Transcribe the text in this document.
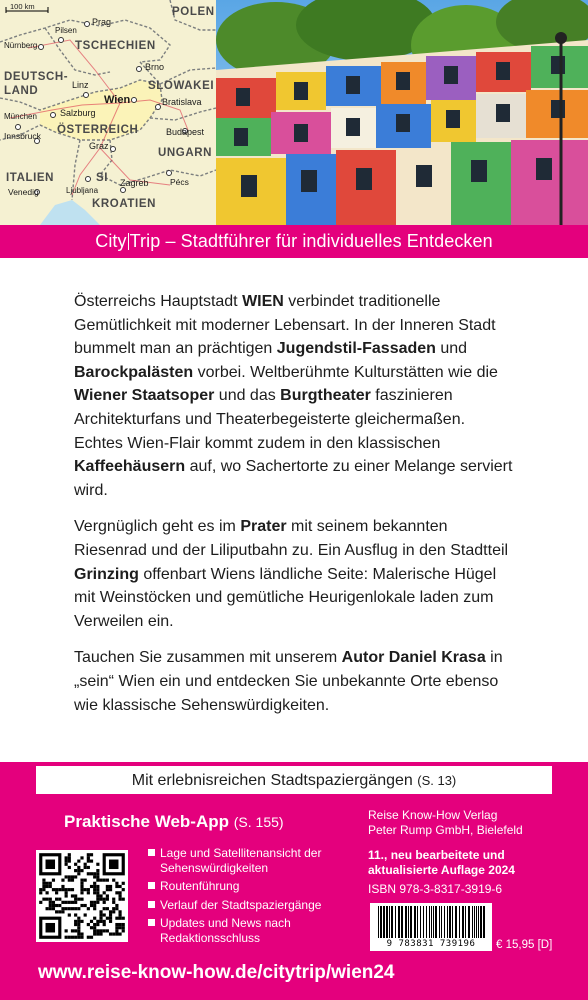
100 km	POLEN
TSCHECHIEN
DEUTSCH-
LAND	SLOWAKEI
ÖSTERREICH
UNGARN
ITALIEN	SI
KROATIEN
Prag
Pilsen
Nürnberg
Brno
Linz
Wien	Bratislava
München	Salzburg
Innsbruck
Graz
Budapest
Venedig	Ljubljana
Zagreb	Pécs
City Trip – Stadtführer für individuelles Entdecken

Österreichs Hauptstadt WIEN verbindet traditionelle Gemütlichkeit mit moderner Lebensart. In der Inneren Stadt bummelt man an prächtigen Jugendstil-Fassaden und Barockpalästen vorbei. Weltberühmte Kulturstätten wie die Wiener Staatsoper und das Burgtheater faszinieren Architekturfans und Theaterbegeisterte gleichermaßen. Echtes Wien-Flair kommt zudem in den klassischen Kaffeehäusern auf, wo Sachertorte zu einer Melange serviert wird.

Vergnüglich geht es im Prater mit seinem bekannten Riesenrad und der Liliputbahn zu. Ein Ausflug in den Stadtteil Grinzing offenbart Wiens ländliche Seite: Malerische Hügel mit Weinstöcken und gemütliche Heurigenlokale laden zum Verweilen ein.

Tauchen Sie zusammen mit unserem Autor Daniel Krasa in „sein“ Wien ein und entdecken Sie unbekannte Orte ebenso wie klassische Sehenswürdigkeiten.

Mit erlebnisreichen Stadtspaziergängen (S. 13)
Praktische Web-App (S. 155)
Lage und Satellitenansicht der Sehenswürdigkeiten
Routenführung
Verlauf der Stadtspaziergänge
Updates und News nach Redaktionsschluss
Reise Know-How Verlag
Peter Rump GmbH, Bielefeld
11., neu bearbeitete und
aktualisierte Auflage 2024
ISBN 978-3-8317-3919-6
9 783831 739196	€ 15,95 [D]
www.reise-know-how.de/citytrip/wien24
